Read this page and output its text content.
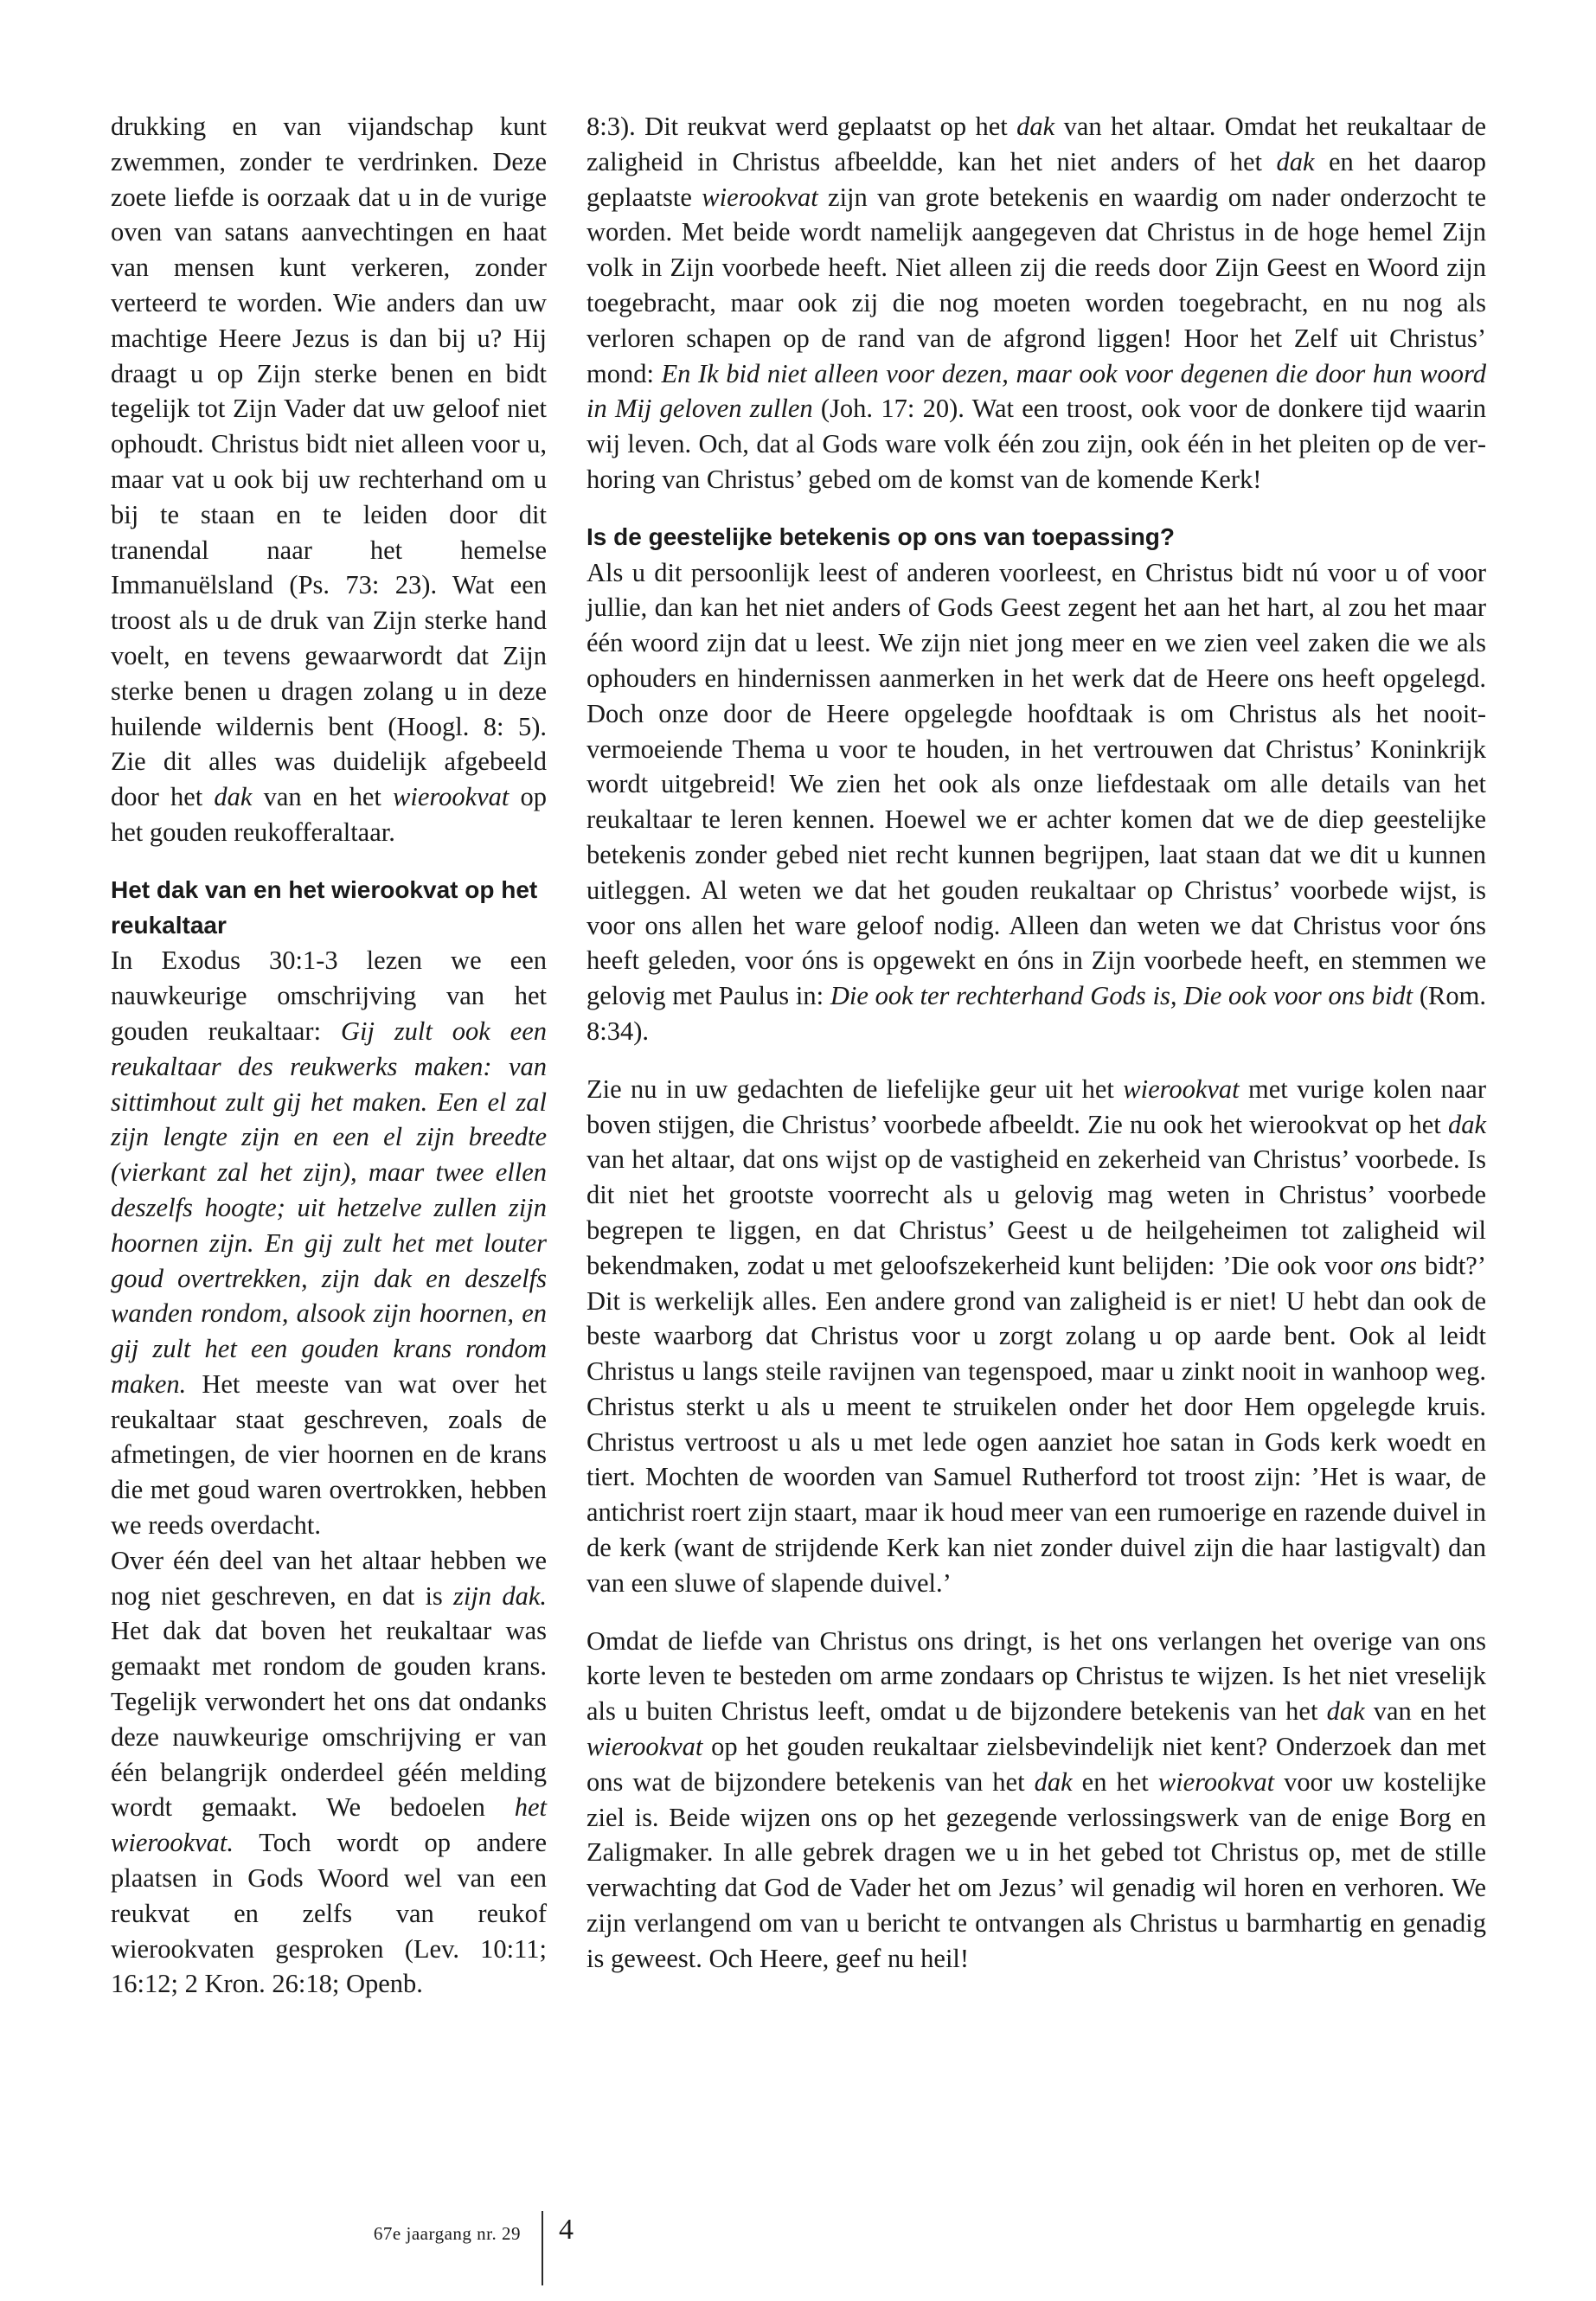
drukking en van vijandschap kunt zwemmen, zonder te verdrinken. Deze zoete liefde is oorzaak dat u in de vurige oven van satans aanvechtingen en haat van mensen kunt verkeren, zonder verteerd te worden. Wie anders dan uw machtige Heere Jezus is dan bij u? Hij draagt u op Zijn sterke benen en bidt tegelijk tot Zijn Vader dat uw geloof niet ophoudt. Christus bidt niet alleen voor u, maar vat u ook bij uw rechterhand om u bij te staan en te leiden door dit tranendal naar het hemelse Immanuëlsland (Ps. 73: 23). Wat een troost als u de druk van Zijn sterke hand voelt, en tevens gewaarwordt dat Zijn sterke benen u dragen zolang u in deze huilende wildernis bent (Hoogl. 8: 5). Zie dit alles was duidelijk afgebeeld door het dak van en het wierookvat op het gouden reukofferaltaar.

Het dak van en het wierookvat op het reukaltaar

In Exodus 30:1-3 lezen we een nauwkeurige omschrijving van het gouden reukaltaar: Gij zult ook een reukaltaar des reukwerks maken: van sittimhout zult gij het maken. Een el zal zijn lengte zijn en een el zijn breedte (vierkant zal het zijn), maar twee ellen deszelfs hoogte; uit hetzelve zullen zijn hoornen zijn. En gij zult het met louter goud overtrekken, zijn dak en deszelfs wanden rondom, alsook zijn hoornen, en gij zult het een gouden krans rondom maken. Het meeste van wat over het reukaltaar staat geschreven, zoals de afmetingen, de vier hoornen en de krans die met goud waren overtrokken, hebben we reeds overdacht.

Over één deel van het altaar hebben we nog niet geschreven, en dat is zijn dak. Het dak dat boven het reukaltaar was gemaakt met rondom de gouden krans. Tegelijk verwondert het ons dat ondanks deze nauwkeurige omschrijving er van één belangrijk onderdeel géén melding wordt gemaakt. We bedoelen het wierookvat. Toch wordt op andere plaatsen in Gods Woord wel van een reukvat en zelfs van reukof wierookvaten gesproken (Lev. 10:11; 16:12; 2 Kron. 26:18; Openb.

8:3). Dit reukvat werd geplaatst op het dak van het altaar. Omdat het reukaltaar de zaligheid in Christus afbeeldde, kan het niet anders of het dak en het daarop geplaatste wierookvat zijn van grote betekenis en waardig om nader onderzocht te worden. Met beide wordt namelijk aangegeven dat Christus in de hoge hemel Zijn volk in Zijn voorbede heeft. Niet alleen zij die reeds door Zijn Geest en Woord zijn toegebracht, maar ook zij die nog moeten worden toegebracht, en nu nog als verloren schapen op de rand van de afgrond liggen! Hoor het Zelf uit Christus’ mond: En Ik bid niet alleen voor dezen, maar ook voor degenen die door hun woord in Mij geloven zullen (Joh. 17: 20). Wat een troost, ook voor de donkere tijd waarin wij leven. Och, dat al Gods ware volk één zou zijn, ook één in het pleiten op de verhoring van Christus’ gebed om de komst van de komende Kerk!

Is de geestelijke betekenis op ons van toepassing?

Als u dit persoonlijk leest of anderen voorleest, en Christus bidt nú voor u of voor jullie, dan kan het niet anders of Gods Geest zegent het aan het hart, al zou het maar één woord zijn dat u leest. We zijn niet jong meer en we zien veel zaken die we als ophouders en hindernissen aanmerken in het werk dat de Heere ons heeft opgelegd. Doch onze door de Heere opgelegde hoofdtaak is om Christus als het nooit-vermoeiende Thema u voor te houden, in het vertrouwen dat Christus’ Koninkrijk wordt uitgebreid! We zien het ook als onze liefdestaak om alle details van het reukaltaar te leren kennen. Hoewel we er achter komen dat we de diep geestelijke betekenis zonder gebed niet recht kunnen begrijpen, laat staan dat we dit u kunnen uitleggen. Al weten we dat het gouden reukaltaar op Christus’ voorbede wijst, is voor ons allen het ware geloof nodig. Alleen dan weten we dat Christus voor óns heeft geleden, voor óns is opgewekt en óns in Zijn voorbede heeft, en stemmen we gelovig met Paulus in: Die ook ter rechterhand Gods is, Die ook voor ons bidt (Rom. 8:34).

Zie nu in uw gedachten de liefelijke geur uit het wierookvat met vurige kolen naar boven stijgen, die Christus’ voorbede afbeeldt. Zie nu ook het wierookvat op het dak van het altaar, dat ons wijst op de vastigheid en zekerheid van Christus’ voorbede. Is dit niet het grootste voorrecht als u gelovig mag weten in Christus’ voorbede begrepen te liggen, en dat Christus’ Geest u de heilgeheimen tot zaligheid wil bekendmaken, zodat u met geloofszekerheid kunt belijden: ’Die ook voor ons bidt?’ Dit is werkelijk alles. Een andere grond van zaligheid is er niet! U hebt dan ook de beste waarborg dat Christus voor u zorgt zolang u op aarde bent. Ook al leidt Christus u langs steile ravijnen van tegenspoed, maar u zinkt nooit in wanhoop weg. Christus sterkt u als u meent te struikelen onder het door Hem opgelegde kruis. Christus vertroost u als u met lede ogen aanziet hoe satan in Gods kerk woedt en tiert. Mochten de woorden van Samuel Rutherford tot troost zijn: ’Het is waar, de antichrist roert zijn staart, maar ik houd meer van een rumoerige en razende duivel in de kerk (want de strijdende Kerk kan niet zonder duivel zijn die haar lastigvalt) dan van een sluwe of slapende duivel.’

Omdat de liefde van Christus ons dringt, is het ons verlangen het overige van ons korte leven te besteden om arme zondaars op Christus te wijzen. Is het niet vreselijk als u buiten Christus leeft, omdat u de bijzondere betekenis van het dak van en het wierookvat op het gouden reukaltaar zielsbevindelijk niet kent? Onderzoek dan met ons wat de bijzondere betekenis van het dak en het wierookvat voor uw kostelijke ziel is. Beide wijzen ons op het gezegende verlossingswerk van de enige Borg en Zaligmaker. In alle gebrek dragen we u in het gebed tot Christus op, met de stille verwachting dat God de Vader het om Jezus’ wil genadig wil horen en verhoren. We zijn verlangend om van u bericht te ontvangen als Christus u barmhartig en genadig is geweest. Och Heere, geef nu heil!

67e jaargang nr. 29 4
